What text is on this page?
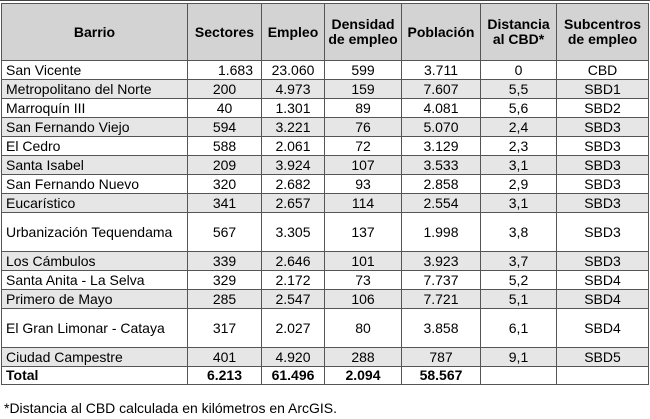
Barrio	Sectores	Empleo	Densidad de empleo	Población	Distancia al CBD*	Subcentros de empleo
San Vicente	1.683	23.060	599	3.711	0	CBD
Metropolitano del Norte	200	4.973	159	7.607	5,5	SBD1
Marroquín III	40	1.301	89	4.081	5,6	SBD2
San Fernando Viejo	594	3.221	76	5.070	2,4	SBD3
El Cedro	588	2.061	72	3.129	2,3	SBD3
Santa Isabel	209	3.924	107	3.533	3,1	SBD3
San Fernando Nuevo	320	2.682	93	2.858	2,9	SBD3
Eucarístico	341	2.657	114	2.554	3,1	SBD3
Urbanización Tequendama	567	3.305	137	1.998	3,8	SBD3
Los Cámbulos	339	2.646	101	3.923	3,7	SBD3
Santa Anita - La Selva	329	2.172	73	7.737	5,2	SBD4
Primero de Mayo	285	2.547	106	7.721	5,1	SBD4
El Gran Limonar - Cataya	317	2.027	80	3.858	6,1	SBD4
Ciudad Campestre	401	4.920	288	787	9,1	SBD5
Total	6.213	61.496	2.094	58.567		
*Distancia al CBD calculada en kilómetros en ArcGIS.
